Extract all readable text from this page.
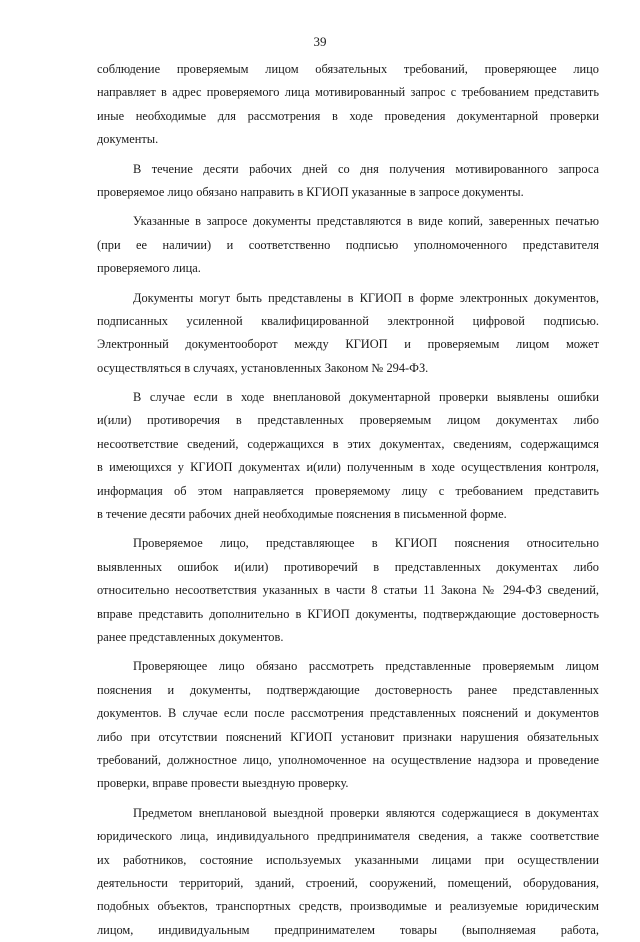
39
соблюдение проверяемым лицом обязательных требований, проверяющее лицо
направляет в адрес проверяемого лица мотивированный запрос с требованием представить
иные необходимые для рассмотрения в ходе проведения документарной проверки
документы.
В течение десяти рабочих дней со дня получения мотивированного запроса
проверяемое лицо обязано направить в КГИОП указанные в запросе документы.
Указанные в запросе документы представляются в виде копий, заверенных печатью
(при ее наличии) и соответственно подписью уполномоченного представителя
проверяемого лица.
Документы могут быть представлены в КГИОП в форме электронных документов,
подписанных усиленной квалифицированной электронной цифровой подписью.
Электронный документооборот между КГИОП и проверяемым лицом может
осуществляться в случаях, установленных Законом № 294-ФЗ.
В случае если в ходе внеплановой документарной проверки выявлены ошибки
и(или) противоречия в представленных проверяемым лицом документах либо
несоответствие сведений, содержащихся в этих документах, сведениям, содержащимся
в имеющихся у КГИОП документах и(или) полученным в ходе осуществления контроля,
информация об этом направляется проверяемому лицу с требованием представить
в течение десяти рабочих дней необходимые пояснения в письменной форме.
Проверяемое лицо, представляющее в КГИОП пояснения относительно
выявленных ошибок и(или) противоречий в представленных документах либо
относительно несоответствия указанных в части 8 статьи 11 Закона № 294-ФЗ сведений,
вправе представить дополнительно в КГИОП документы, подтверждающие достоверность
ранее представленных документов.
Проверяющее лицо обязано рассмотреть представленные проверяемым лицом
пояснения и документы, подтверждающие достоверность ранее представленных
документов. В случае если после рассмотрения представленных пояснений и документов
либо при отсутствии пояснений КГИОП установит признаки нарушения обязательных
требований, должностное лицо, уполномоченное на осуществление надзора и проведение
проверки, вправе провести выездную проверку.
Предметом внеплановой выездной проверки являются содержащиеся в документах
юридического лица, индивидуального предпринимателя сведения, а также соответствие
их работников, состояние используемых указанными лицами при осуществлении
деятельности территорий, зданий, строений, сооружений, помещений, оборудования,
подобных объектов, транспортных средств, производимые и реализуемые юридическим
лицом, индивидуальным предпринимателем товары (выполняемая работа,
